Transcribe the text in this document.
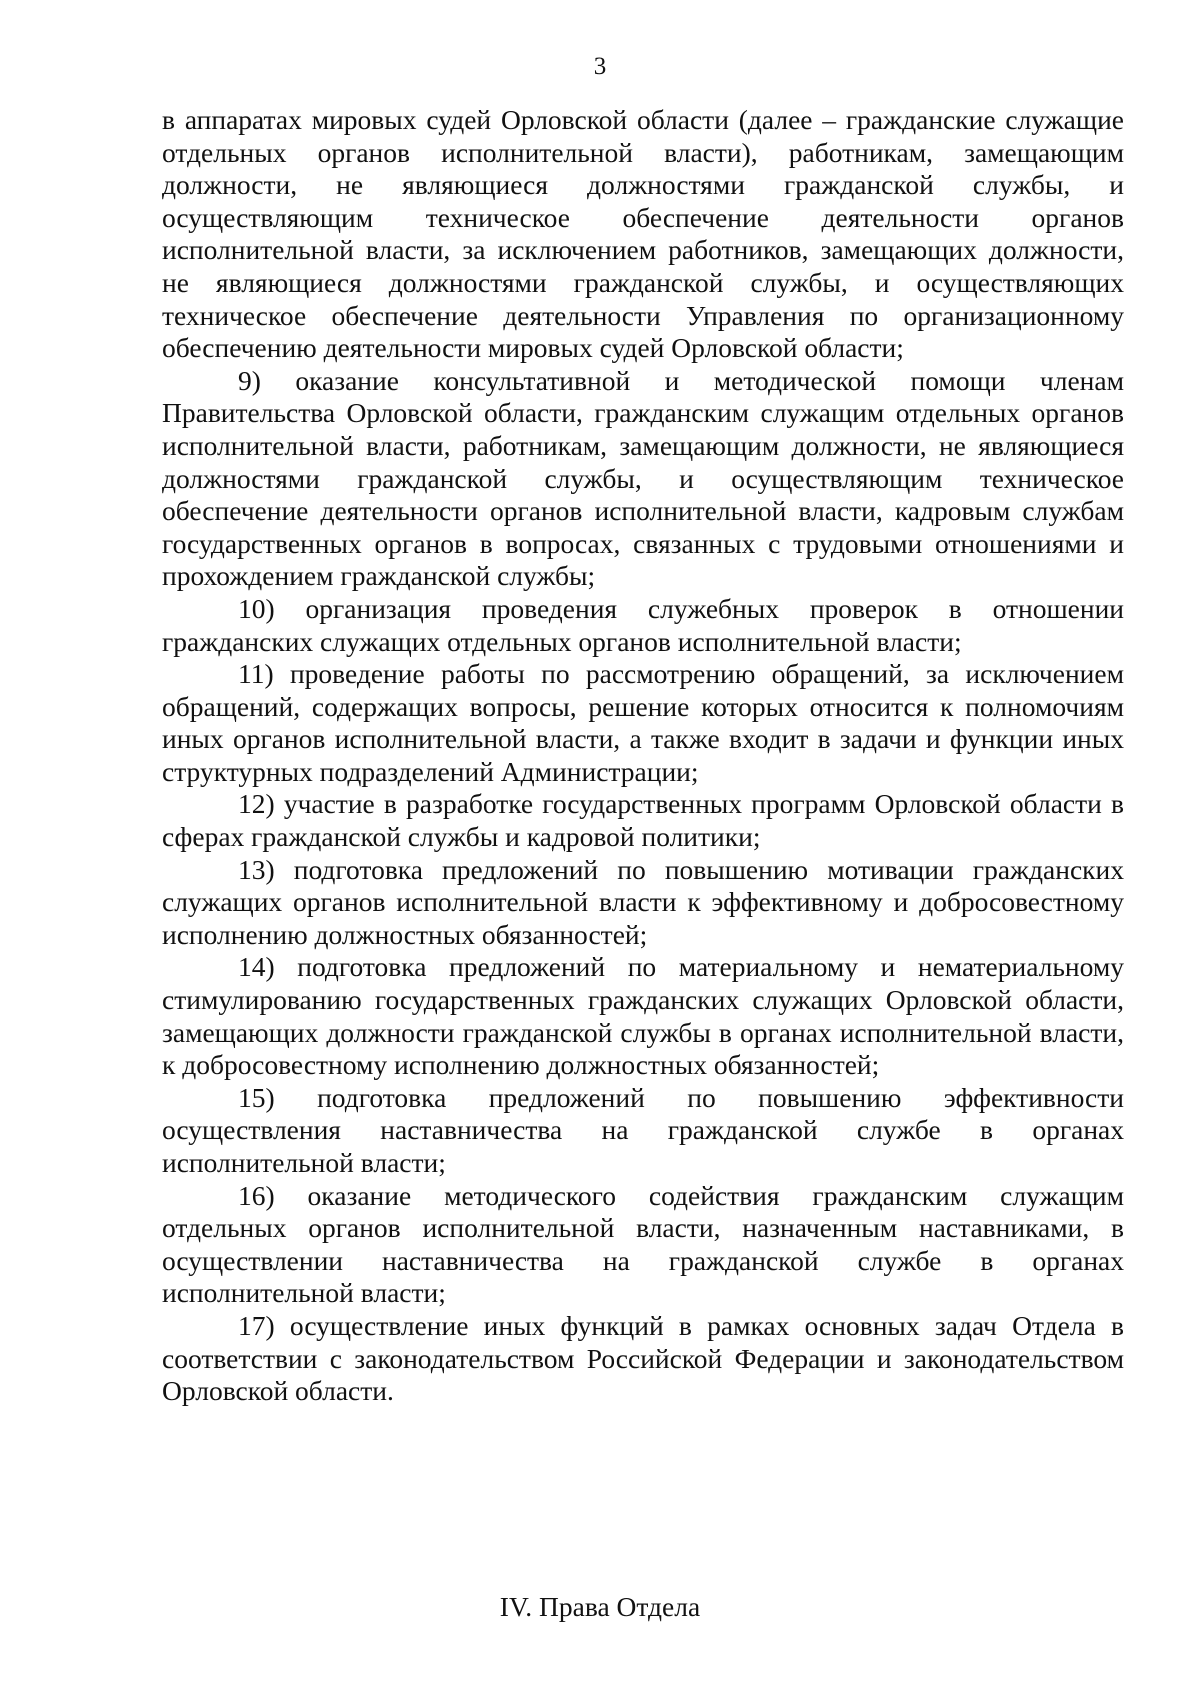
3

в аппаратах мировых судей Орловской области (далее – гражданские служащие отдельных органов исполнительной власти), работникам, замещающим должности, не являющиеся должностями гражданской службы, и осуществляющим техническое обеспечение деятельности органов исполнительной власти, за исключением работников, замещающих должности, не являющиеся должностями гражданской службы, и осуществляющих техническое обеспечение деятельности Управления по организационному обеспечению деятельности мировых судей Орловской области;

9) оказание консультативной и методической помощи членам Правительства Орловской области, гражданским служащим отдельных органов исполнительной власти, работникам, замещающим должности, не являющиеся должностями гражданской службы, и осуществляющим техническое обеспечение деятельности органов исполнительной власти, кадровым службам государственных органов в вопросах, связанных с трудовыми отношениями и прохождением гражданской службы;

10) организация проведения служебных проверок в отношении гражданских служащих отдельных органов исполнительной власти;

11) проведение работы по рассмотрению обращений, за исключением обращений, содержащих вопросы, решение которых относится к полномочиям иных органов исполнительной власти, а также входит в задачи и функции иных структурных подразделений Администрации;

12) участие в разработке государственных программ Орловской области в сферах гражданской службы и кадровой политики;

13) подготовка предложений по повышению мотивации гражданских служащих органов исполнительной власти к эффективному и добросовестному исполнению должностных обязанностей;

14) подготовка предложений по материальному и нематериальному стимулированию государственных гражданских служащих Орловской области, замещающих должности гражданской службы в органах исполнительной власти, к добросовестному исполнению должностных обязанностей;

15) подготовка предложений по повышению эффективности осуществления наставничества на гражданской службе в органах исполнительной власти;

16) оказание методического содействия гражданским служащим отдельных органов исполнительной власти, назначенным наставниками, в осуществлении наставничества на гражданской службе в органах исполнительной власти;

17) осуществление иных функций в рамках основных задач Отдела в соответствии с законодательством Российской Федерации и законодательством Орловской области.

IV. Права Отдела
